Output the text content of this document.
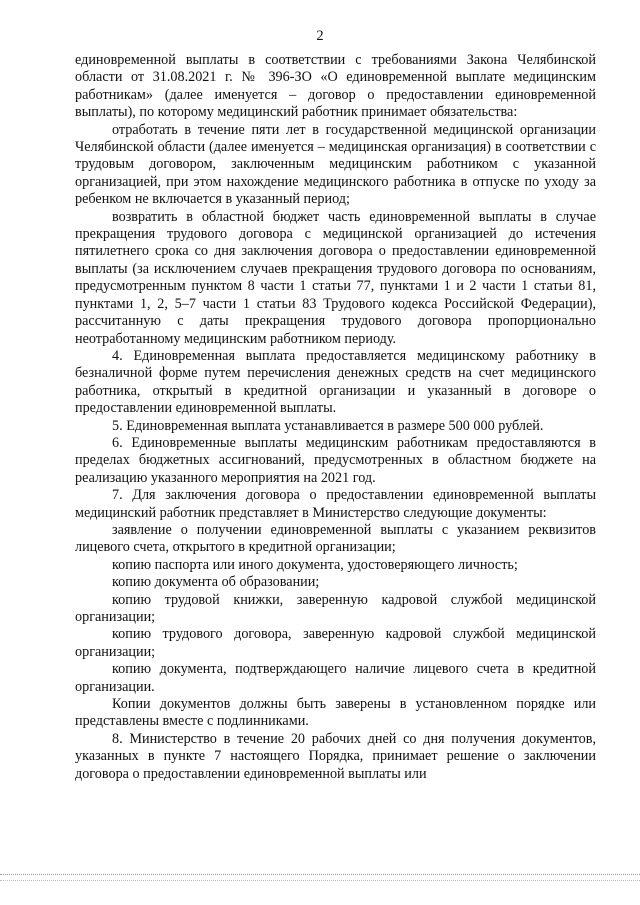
2

единовременной выплаты в соответствии с требованиями Закона Челябинской области от 31.08.2021 г. № 396-ЗО «О единовременной выплате медицинским работникам» (далее именуется – договор о предоставлении единовременной выплаты), по которому медицинский работник принимает обязательства:

отработать в течение пяти лет в государственной медицинской организации Челябинской области (далее именуется – медицинская организация) в соответствии с трудовым договором, заключенным медицинским работником с указанной организацией, при этом нахождение медицинского работника в отпуске по уходу за ребенком не включается в указанный период;

возвратить в областной бюджет часть единовременной выплаты в случае прекращения трудового договора с медицинской организацией до истечения пятилетнего срока со дня заключения договора о предоставлении единовременной выплаты (за исключением случаев прекращения трудового договора по основаниям, предусмотренным пунктом 8 части 1 статьи 77, пунктами 1 и 2 части 1 статьи 81, пунктами 1, 2, 5–7 части 1 статьи 83 Трудового кодекса Российской Федерации), рассчитанную с даты прекращения трудового договора пропорционально неотработанному медицинским работником периоду.

4. Единовременная выплата предоставляется медицинскому работнику в безналичной форме путем перечисления денежных средств на счет медицинского работника, открытый в кредитной организации и указанный в договоре о предоставлении единовременной выплаты.

5. Единовременная выплата устанавливается в размере 500 000 рублей.

6. Единовременные выплаты медицинским работникам предоставляются в пределах бюджетных ассигнований, предусмотренных в областном бюджете на реализацию указанного мероприятия на 2021 год.

7. Для заключения договора о предоставлении единовременной выплаты медицинский работник представляет в Министерство следующие документы:

заявление о получении единовременной выплаты с указанием реквизитов лицевого счета, открытого в кредитной организации;

копию паспорта или иного документа, удостоверяющего личность;

копию документа об образовании;

копию трудовой книжки, заверенную кадровой службой медицинской организации;

копию трудового договора, заверенную кадровой службой медицинской организации;

копию документа, подтверждающего наличие лицевого счета в кредитной организации.

Копии документов должны быть заверены в установленном порядке или представлены вместе с подлинниками.

8. Министерство в течение 20 рабочих дней со дня получения документов, указанных в пункте 7 настоящего Порядка, принимает решение о заключении договора о предоставлении единовременной выплаты или
